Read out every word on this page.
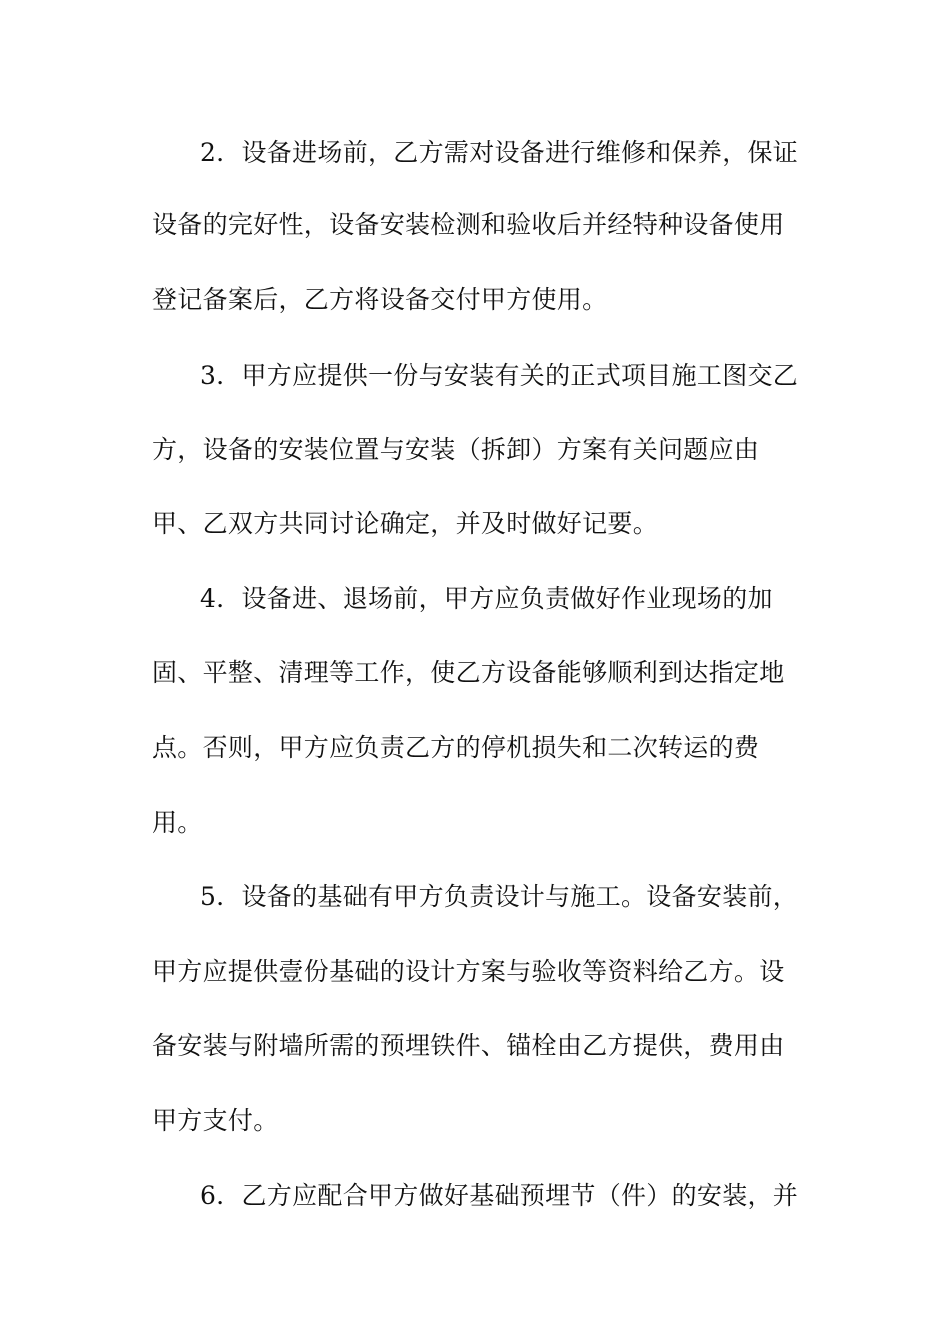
2．设备进场前，乙方需对设备进行维修和保养，保证
设备的完好性，设备安装检测和验收后并经特种设备使用
登记备案后，乙方将设备交付甲方使用。
3．甲方应提供一份与安装有关的正式项目施工图交乙
方，设备的安装位置与安装（拆卸）方案有关问题应由
甲、乙双方共同讨论确定，并及时做好记要。
4．设备进、退场前，甲方应负责做好作业现场的加
固、平整、清理等工作，使乙方设备能够顺利到达指定地
点。否则，甲方应负责乙方的停机损失和二次转运的费
用。
5．设备的基础有甲方负责设计与施工。设备安装前，
甲方应提供壹份基础的设计方案与验收等资料给乙方。设
备安装与附墙所需的预埋铁件、锚栓由乙方提供，费用由
甲方支付。
6．乙方应配合甲方做好基础预埋节（件）的安装，并
